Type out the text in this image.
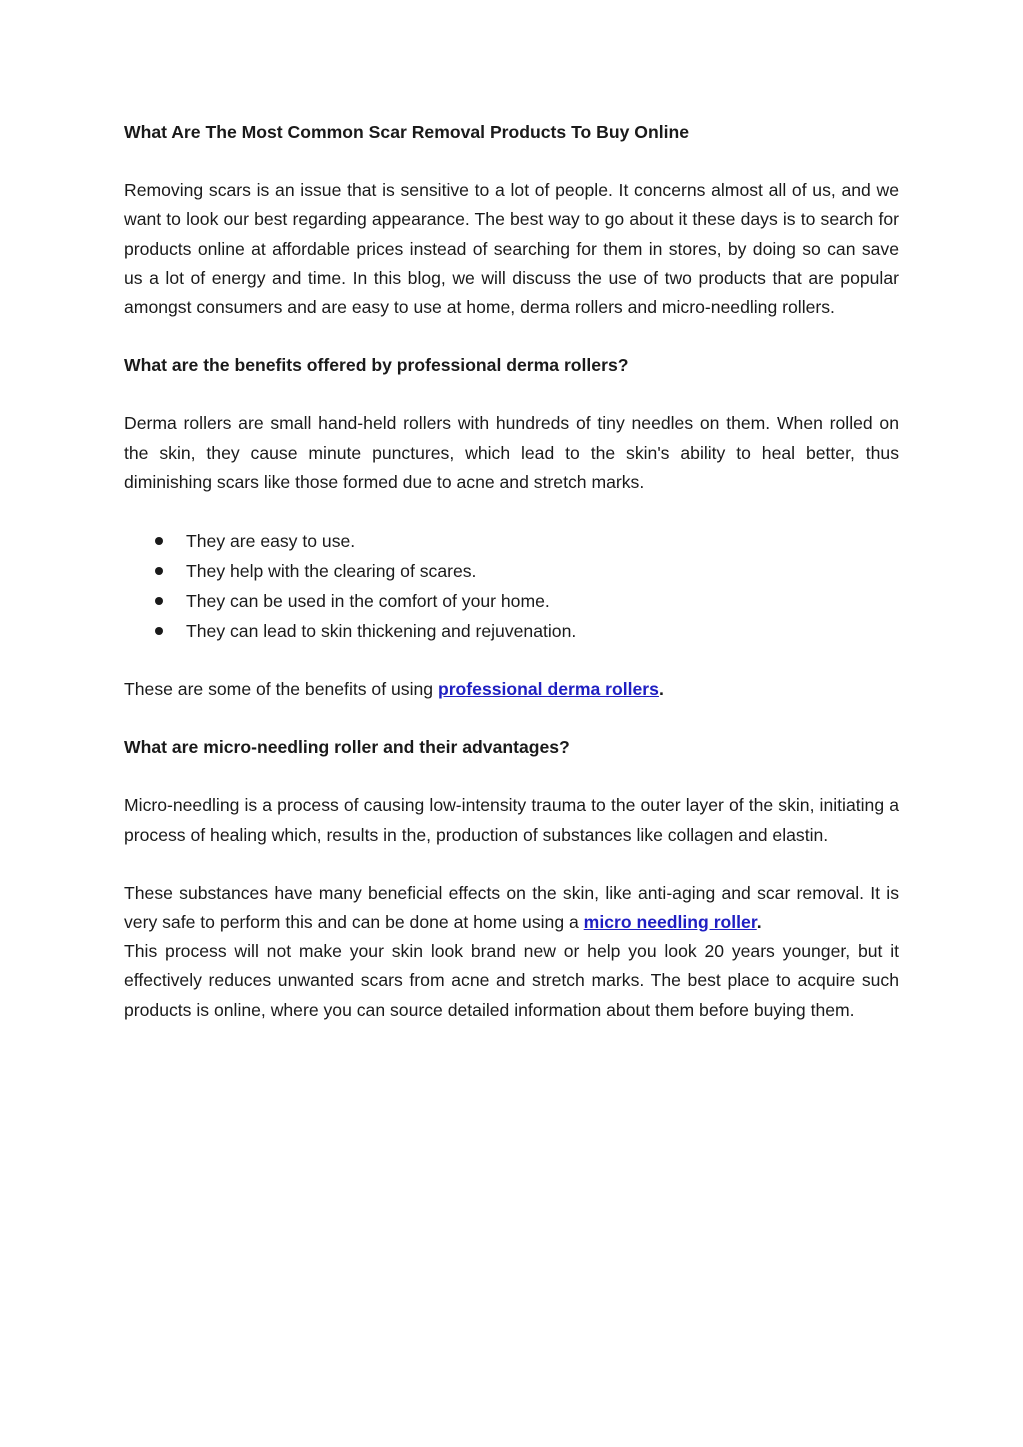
What Are The Most Common Scar Removal Products To Buy Online
Removing scars is an issue that is sensitive to a lot of people. It concerns almost all of us, and we want to look our best regarding appearance. The best way to go about it these days is to search for products online at affordable prices instead of searching for them in stores, by doing so can save us a lot of energy and time. In this blog, we will discuss the use of two products that are popular amongst consumers and are easy to use at home, derma rollers and micro-needling rollers.
What are the benefits offered by professional derma rollers?
Derma rollers are small hand-held rollers with hundreds of tiny needles on them. When rolled on the skin, they cause minute punctures, which lead to the skin's ability to heal better, thus diminishing scars like those formed due to acne and stretch marks.
They are easy to use.
They help with the clearing of scares.
They can be used in the comfort of your home.
They can lead to skin thickening and rejuvenation.
These are some of the benefits of using professional derma rollers.
What are micro-needling roller and their advantages?
Micro-needling is a process of causing low-intensity trauma to the outer layer of the skin, initiating a process of healing which, results in the, production of substances like collagen and elastin.
These substances have many beneficial effects on the skin, like anti-aging and scar removal. It is very safe to perform this and can be done at home using a micro needling roller.
This process will not make your skin look brand new or help you look 20 years younger, but it effectively reduces unwanted scars from acne and stretch marks. The best place to acquire such products is online, where you can source detailed information about them before buying them.
